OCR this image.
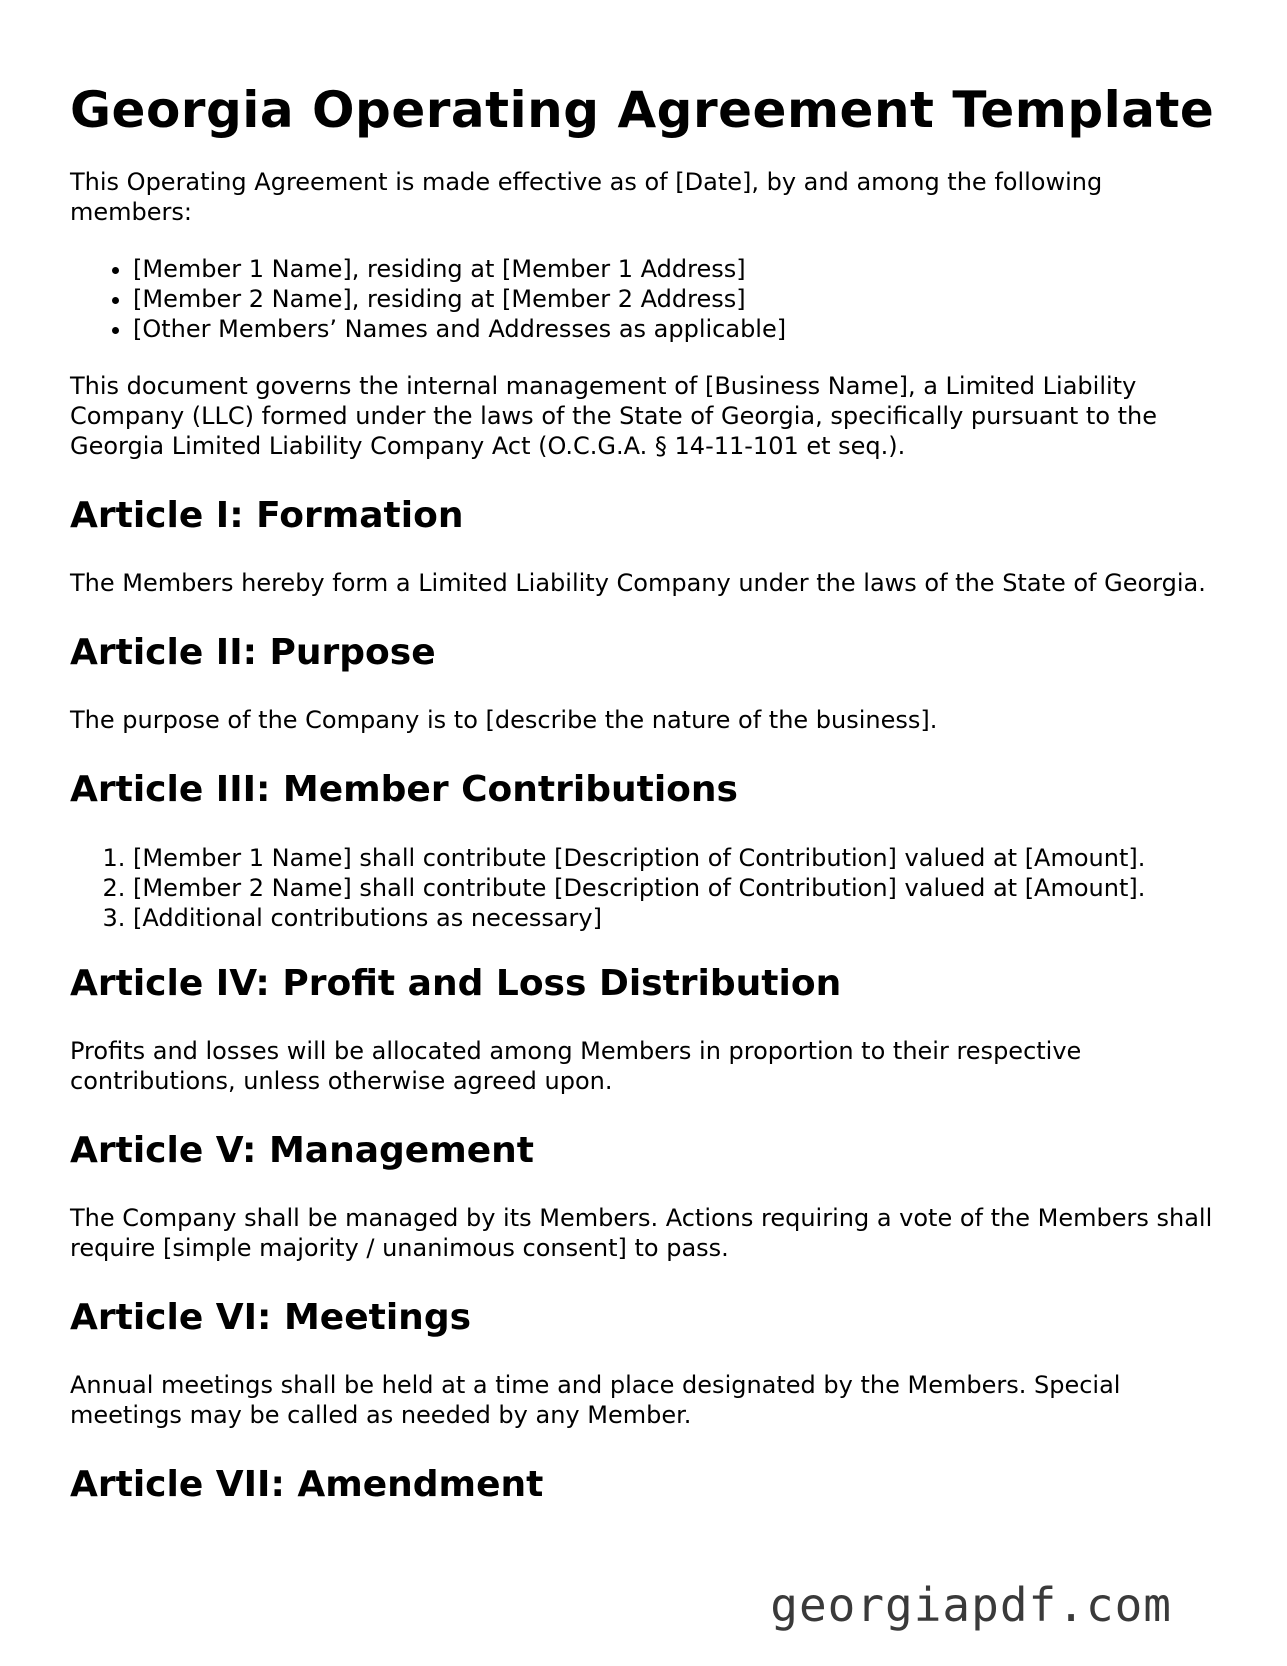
Georgia Operating Agreement Template

This Operating Agreement is made effective as of [Date], by and among the following members:

• [Member 1 Name], residing at [Member 1 Address]
• [Member 2 Name], residing at [Member 2 Address]
• [Other Members’ Names and Addresses as applicable]

This document governs the internal management of [Business Name], a Limited Liability Company (LLC) formed under the laws of the State of Georgia, specifically pursuant to the Georgia Limited Liability Company Act (O.C.G.A. § 14-11-101 et seq.).

Article I: Formation

The Members hereby form a Limited Liability Company under the laws of the State of Georgia.

Article II: Purpose

The purpose of the Company is to [describe the nature of the business].

Article III: Member Contributions
1. [Member 1 Name] shall contribute [Description of Contribution] valued at [Amount].
2. [Member 2 Name] shall contribute [Description of Contribution] valued at [Amount].
3. [Additional contributions as necessary]
Article IV: Profit and Loss Distribution

Profits and losses will be allocated among Members in proportion to their respective contributions, unless otherwise agreed upon.

Article V: Management

The Company shall be managed by its Members. Actions requiring a vote of the Members shall require [simple majority / unanimous consent] to pass.

Article VI: Meetings

Annual meetings shall be held at a time and place designated by the Members. Special meetings may be called as needed by any Member.

Article VII: Amendment
georgiapdf.com
